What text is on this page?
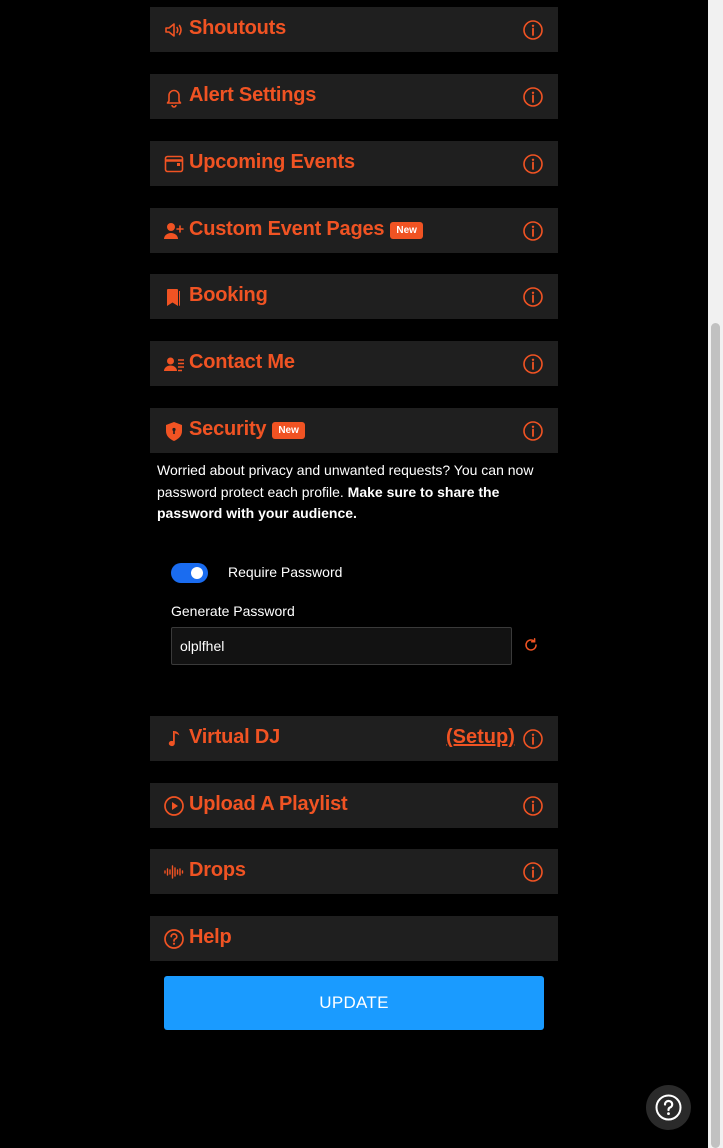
Shoutouts
Alert Settings
Upcoming Events
Custom Event Pages New
Booking
Contact Me
Security New
Worried about privacy and unwanted requests? You can now password protect each profile. Make sure to share the password with your audience.
Require Password
Generate Password
olplfhel
Virtual DJ	(Setup)
Upload A Playlist
Drops
Help
UPDATE
